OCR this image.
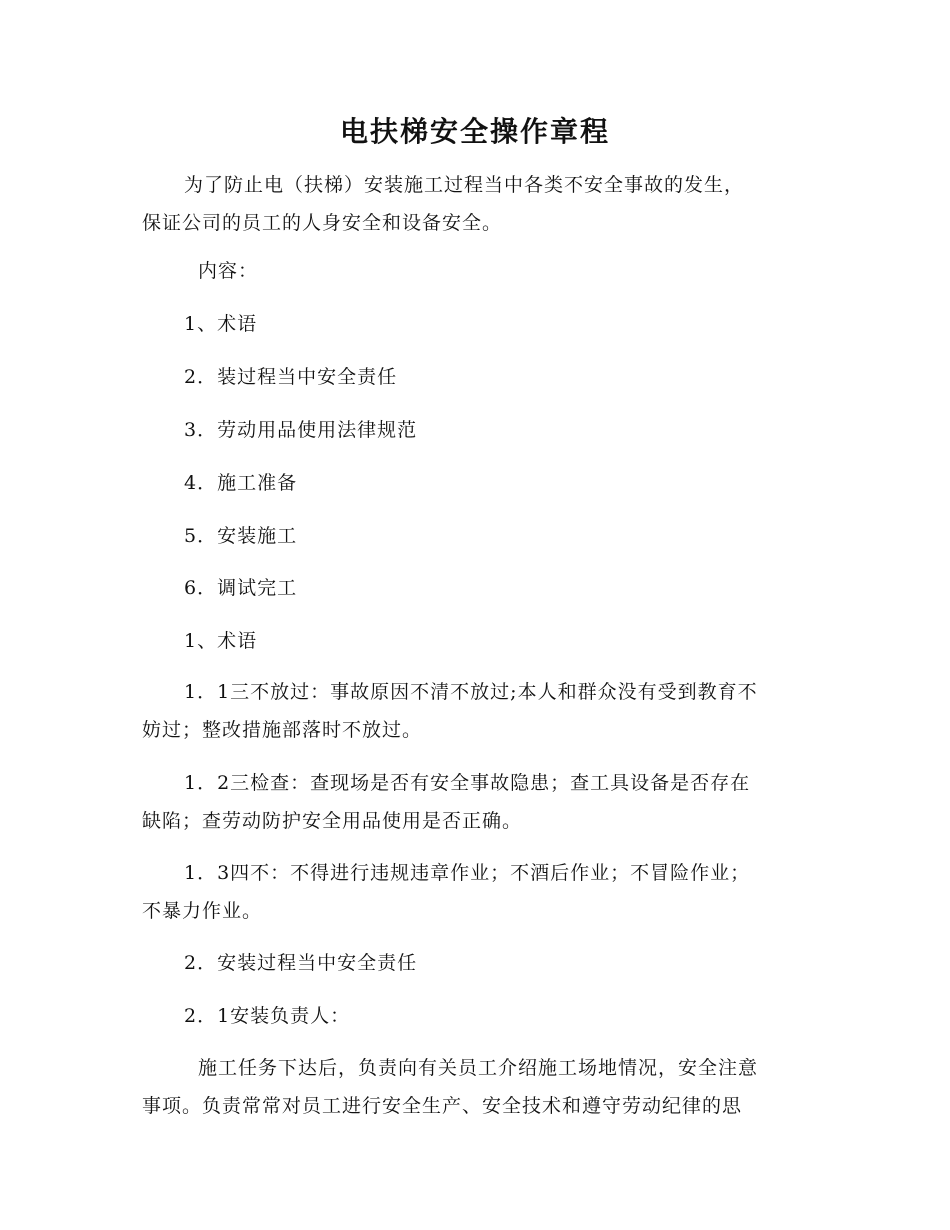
电扶梯安全操作章程

为了防止电（扶梯）安装施工过程当中各类不安全事故的发生，
保证公司的员工的人身安全和设备安全。

内容：

1、术语

2．装过程当中安全责任

3．劳动用品使用法律规范

4．施工准备

5．安装施工

6．调试完工

1、术语

1．1三不放过：事故原因不清不放过;本人和群众没有受到教育不
妨过；整改措施部落时不放过。

1．2三检查：查现场是否有安全事故隐患；查工具设备是否存在
缺陷；查劳动防护安全用品使用是否正确。

1．3四不：不得进行违规违章作业；不酒后作业；不冒险作业；
不暴力作业。

2．安装过程当中安全责任

2．1安装负责人：

施工任务下达后，负责向有关员工介绍施工场地情况，安全注意
事项。负责常常对员工进行安全生产、安全技术和遵守劳动纪律的思
